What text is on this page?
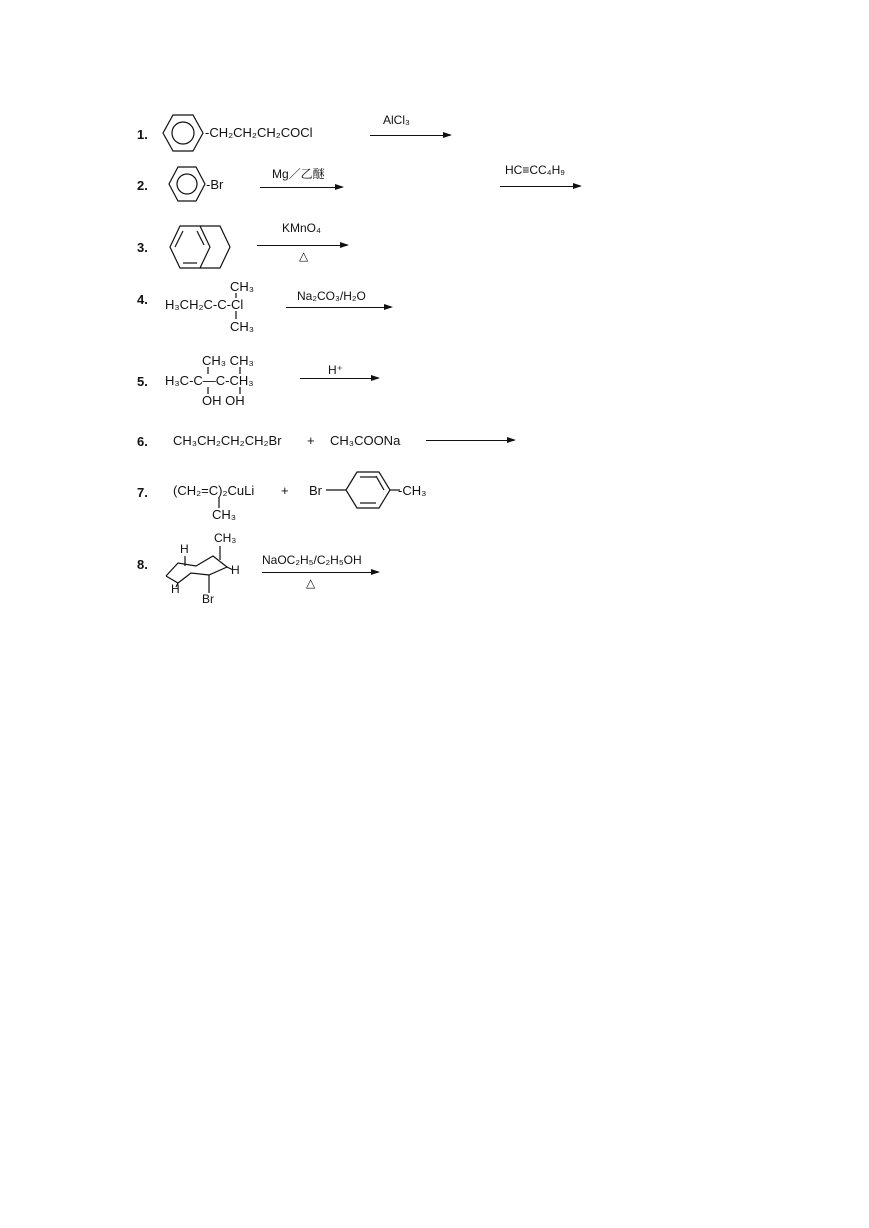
1.	-CH₂CH₂CH₂COCl
AlCl₃
2.	-Br
Mg／乙醚	HC≡CC₄H₉
3.
KMnO₄
△
4.
CH₃
H₃CH₂C-C-Cl
CH₃
Na₂CO₃/H₂O
5.
CH₃ CH₃
H₃C-C—C-CH₃
OH OH
H⁺
6. CH₃CH₂CH₂CH₂Br + CH₃COONa
7. (CH₂=C)₂CuLi
CH₃
+ Br	-CH₃
8.
CH₃
H
H
H
Br
NaOC₂H₅/C₂H₅OH
△
